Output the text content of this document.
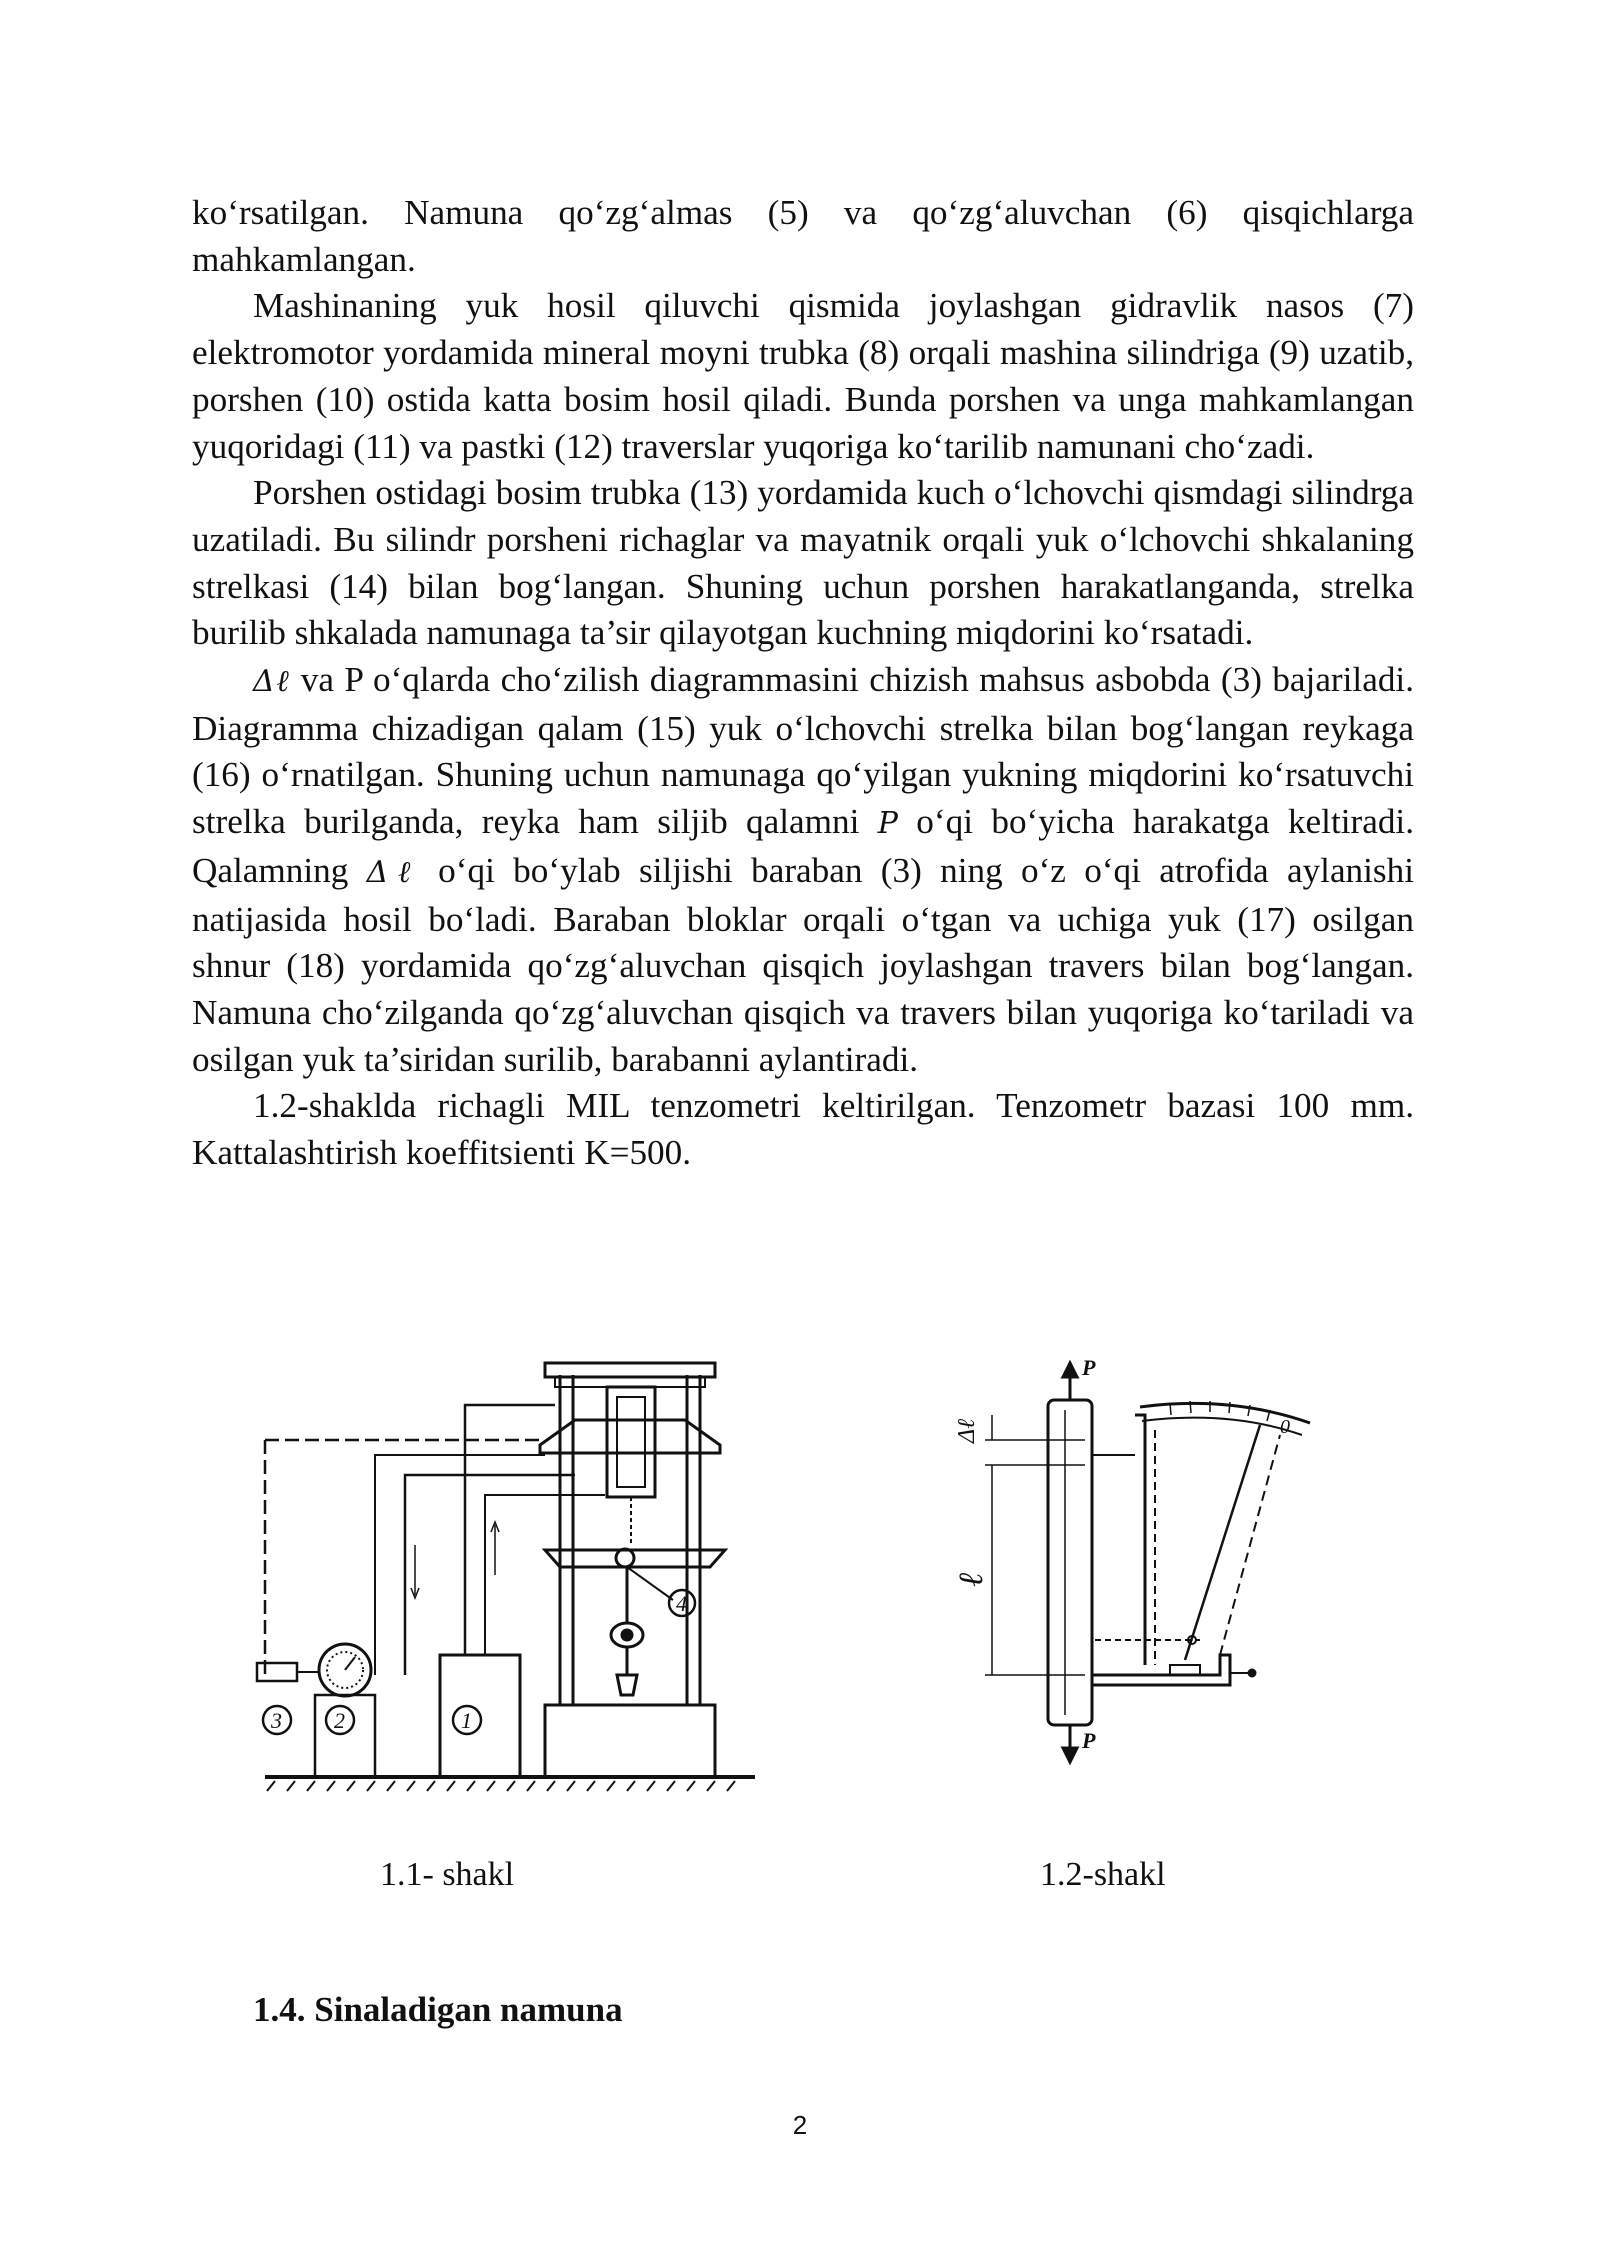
ko‘rsatilgan. Namuna qo‘zg‘almas (5) va qo‘zg‘aluvchan (6) qisqichlarga mahkamlangan.

Mashinaning yuk hosil qiluvchi qismida joylashgan gidravlik nasos (7) elektromotor yordamida mineral moyni trubka (8) orqali mashina silindriga (9) uzatib, porshen (10) ostida katta bosim hosil qiladi. Bunda porshen va unga mahkamlangan yuqoridagi (11) va pastki (12) traverslar yuqoriga ko‘tarilib namunani cho‘zadi.

Porshen ostidagi bosim trubka (13) yordamida kuch o‘lchovchi qismdagi silindrga uzatiladi. Bu silindr porsheni richaglar va mayatnik orqali yuk o‘lchovchi shkalaning strelkasi (14) bilan bog‘langan. Shuning uchun porshen harakatlanganda, strelka burilib shkalada namunaga ta’sir qilayotgan kuchning miqdorini ko‘rsatadi.

Δℓ va P o‘qlarda cho‘zilish diagrammasini chizish mahsus asbobda (3) bajariladi. Diagramma chizadigan qalam (15) yuk o‘lchovchi strelka bilan bog‘langan reykaga (16) o‘rnatilgan. Shuning uchun namunaga qo‘yilgan yukning miqdorini ko‘rsatuvchi strelka burilganda, reyka ham siljib qalamni P o‘qi bo‘yicha harakatga keltiradi. Qalamning Δℓ o‘qi bo‘ylab siljishi baraban (3) ning o‘z o‘qi atrofida aylanishi natijasida hosil bo‘ladi. Baraban bloklar orqali o‘tgan va uchiga yuk (17) osilgan shnur (18) yordamida qo‘zg‘aluvchan qisqich joylashgan travers bilan bog‘langan. Namuna cho‘zilganda qo‘zg‘aluvchan qisqich va travers bilan yuqoriga ko‘tariladi va osilgan yuk ta’siridan surilib, barabanni aylantiradi.

1.2-shaklda richagli MIL tenzometri keltirilgan. Tenzometr bazasi 100 mm. Kattalashtirish koeffitsienti K=500.

4
1
2
3
P
P
Δℓ
ℓ
0
1.1- shakl	1.2-shakl
1.4. Sinaladigan namuna
2
